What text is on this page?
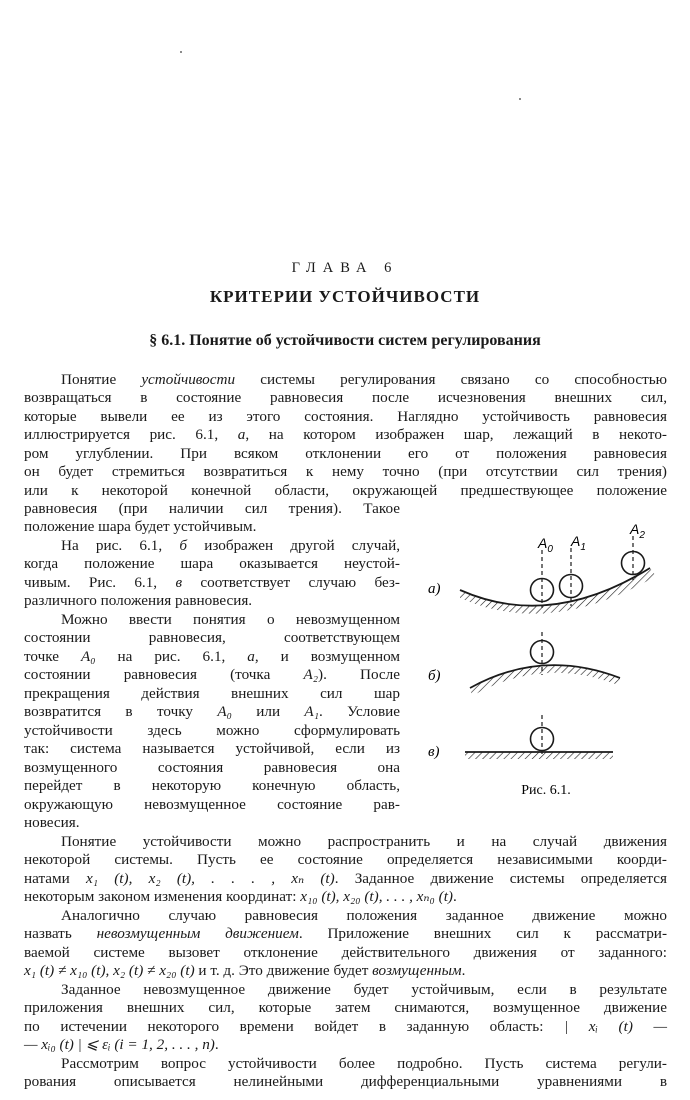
ГЛАВА 6
КРИТЕРИИ УСТОЙЧИВОСТИ
§ 6.1. Понятие об устойчивости систем регулирования
Понятие устойчивости системы регулирования связано со способностью
возвращаться в состояние равновесия после исчезновения внешних сил,
которые вывели ее из этого состояния. Наглядно устойчивость равновесия
иллюстрируется рис. 6.1, а, на котором изображен шар, лежащий в некото-
ром углублении. При всяком отклонении его от положения равновесия
он будет стремиться возвратиться к нему точно (при отсутствии сил трения)
или к некоторой конечной области, окружающей предшествующее положение
равновесия (при наличии сил трения). Такое
положение шара будет устойчивым.
На рис. 6.1, б изображен другой случай,
когда положение шара оказывается неустой-
чивым. Рис. 6.1, в соответствует случаю без-
различного положения равновесия.
Можно ввести понятия о невозмущенном
состоянии равновесия, соответствующем
точке A₀ на рис. 6.1, а, и возмущенном
состоянии равновесия (точка A₂). После
прекращения действия внешних сил шар
возвратится в точку A₀ или A₁. Условие
устойчивости здесь можно сформулировать
так: система называется устойчивой, если из
возмущенного состояния равновесия она
перейдет в некоторую конечную область,
окружающую невозмущенное состояние рав-
новесия.
Понятие устойчивости можно распространить и на случай движения
некоторой системы. Пусть ее состояние определяется независимыми коорди-
натами x₁ (t), x₂ (t), . . . , xₙ (t). Заданное движение системы определяется
некоторым законом изменения координат: x₁₀ (t), x₂₀ (t), . . . , xₙ₀ (t).
Аналогично случаю равновесия положения заданное движение можно
назвать невозмущенным движением. Приложение внешних сил к рассматри-
ваемой системе вызовет отклонение действительного движения от заданного:
x₁ (t) ≠ x₁₀ (t), x₂ (t) ≠ x₂₀ (t) и т. д. Это движение будет возмущенным.
Заданное невозмущенное движение будет устойчивым, если в результате
приложения внешних сил, которые затем снимаются, возмущенное движение
по истечении некоторого времени войдет в заданную область: | xᵢ (t) —
— xᵢ₀ (t) | ⩽ εᵢ (i = 1, 2, . . . , n).
Рассмотрим вопрос устойчивости более подробно. Пусть система регули-
рования описывается нелинейными дифференциальными уравнениями в
а)
$A_0$
$A_1$
$A_2$
б)
в)
Рис. 6.1.
